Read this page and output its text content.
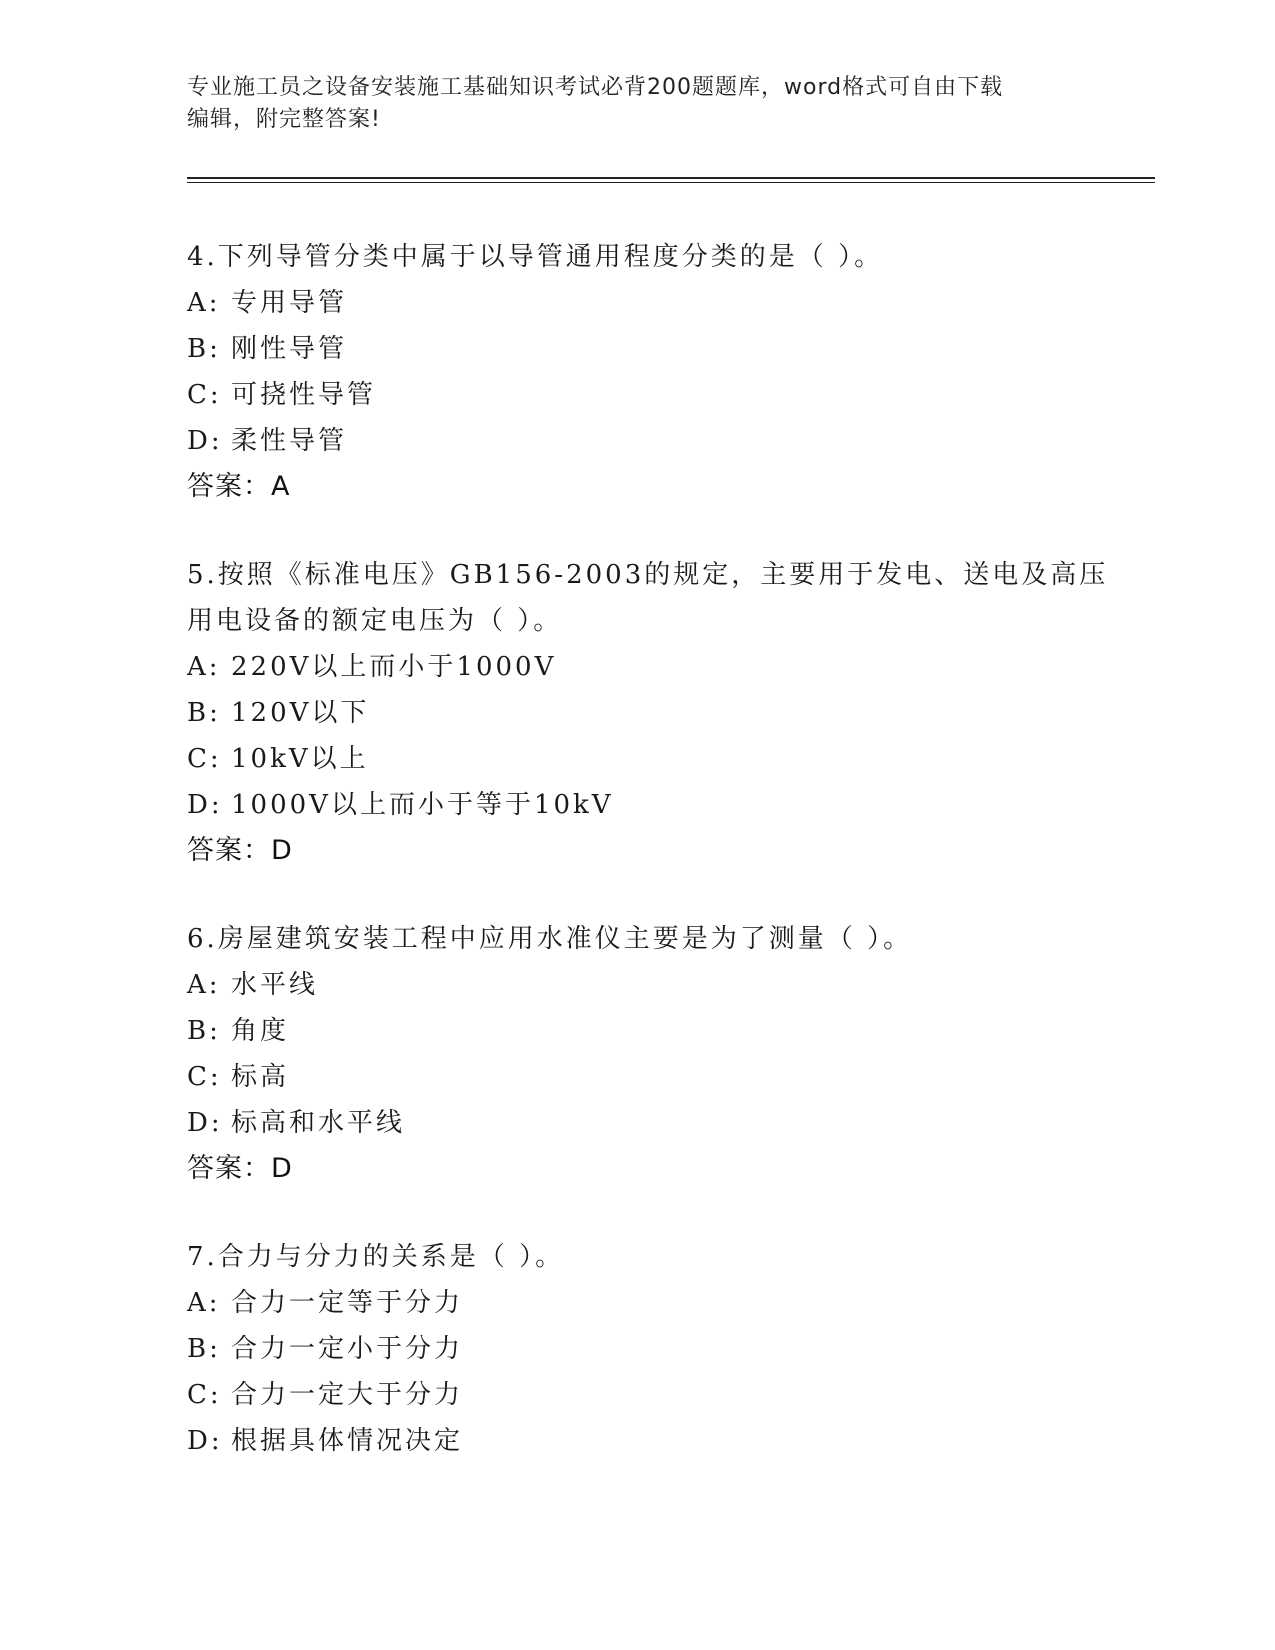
专业施工员之设备安装施工基础知识考试必背200题题库，word格式可自由下载
编辑，附完整答案!
4.下列导管分类中属于以导管通用程度分类的是（ ）。
A: 专用导管
B: 刚性导管
C: 可挠性导管
D: 柔性导管
答案：A
5.按照《标准电压》GB156-2003的规定，主要用于发电、送电及高压
用电设备的额定电压为（ ）。
A: 220V以上而小于1000V
B: 120V以下
C: 10kV以上
D: 1000V以上而小于等于10kV
答案：D
6.房屋建筑安装工程中应用水准仪主要是为了测量（ ）。
A: 水平线
B: 角度
C: 标高
D: 标高和水平线
答案：D
7.合力与分力的关系是（ ）。
A: 合力一定等于分力
B: 合力一定小于分力
C: 合力一定大于分力
D: 根据具体情况决定
